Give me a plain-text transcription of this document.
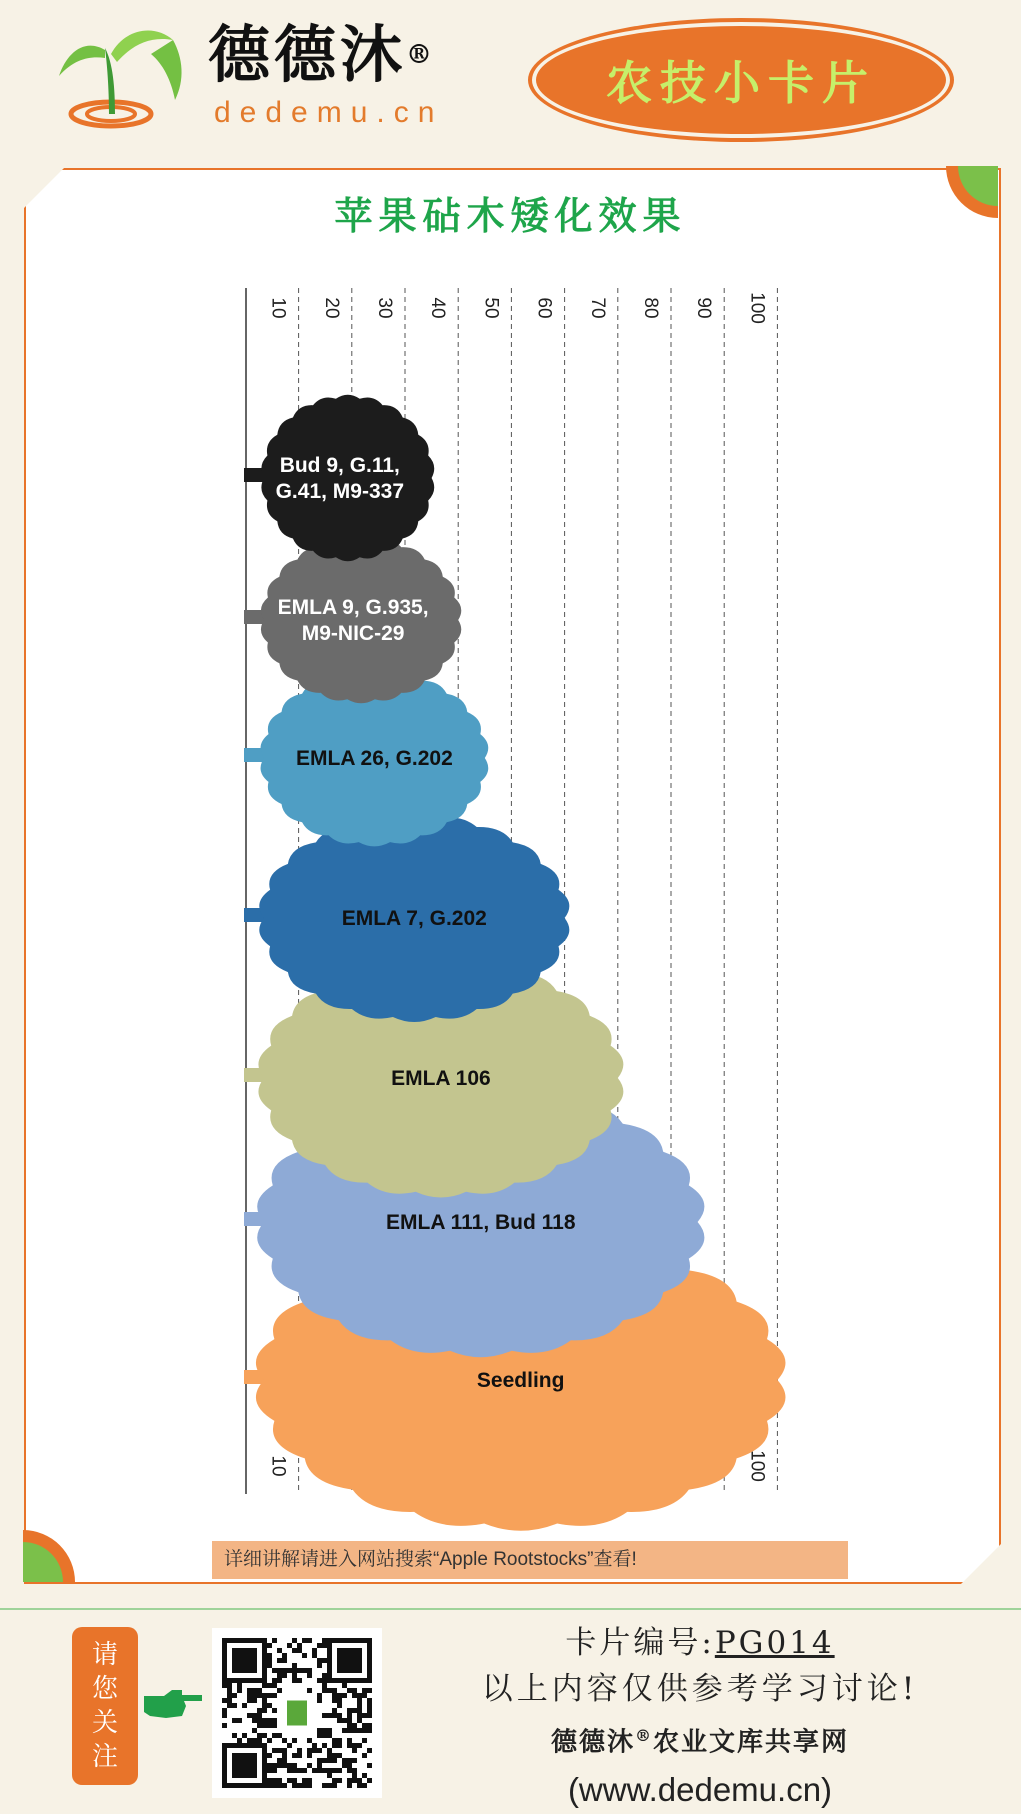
德德沐®
dedemu.cn
农技小卡片
苹果砧木矮化效果
10
10
20 30 40 50 60 70 80 90 100
100
Bud 9, G.11,
G.41, M9-337
EMLA 9, G.935,
M9-NIC-29
EMLA 26, G.202
EMLA 7, G.202
EMLA 106
EMLA 111, Bud 118
Seedling
详细讲解请进入网站搜索“Apple Rootstocks”查看!
请
您
关
注
卡片编号:PG014
以上内容仅供参考学习讨论!
德德沐®农业文库共享网
(www.dedemu.cn)
